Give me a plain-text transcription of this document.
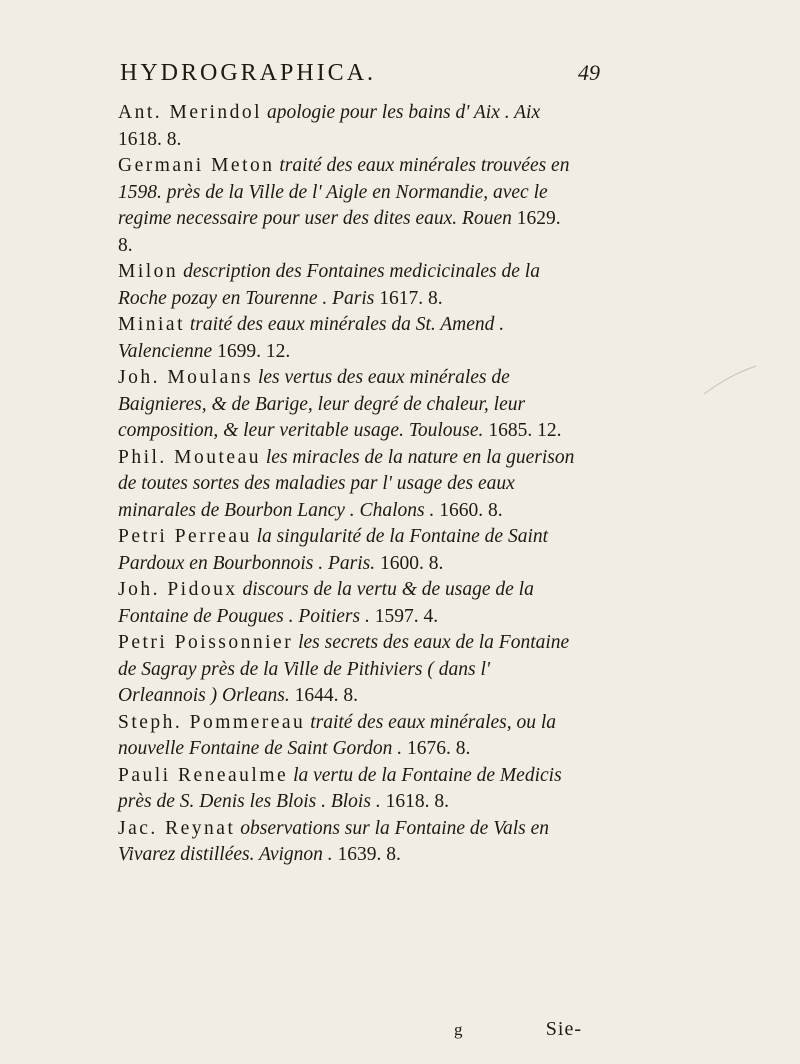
HYDROGRAPHICA.	49

Ant. Merindol apologie pour les bains d' Aix . Aix 1618. 8.

Germani Meton traité des eaux minérales trouvées en 1598. près de la Ville de l' Aigle en Normandie, avec le regime necessaire pour user des dites eaux. Rouen 1629. 8.

Milon description des Fontaines medicicinales de la Roche pozay en Tourenne . Paris 1617. 8.

Miniat traité des eaux minérales da St. Amend . Valencienne 1699. 12.

Joh. Moulans les vertus des eaux minérales de Baignieres, & de Barige, leur degré de chaleur, leur composition, & leur veritable usage. Toulouse. 1685. 12.

Phil. Mouteau les miracles de la nature en la guerison de toutes sortes des maladies par l' usage des eaux minarales de Bourbon Lancy . Chalons . 1660. 8.

Petri Perreau la singularité de la Fontaine de Saint Pardoux en Bourbonnois . Paris. 1600. 8.

Joh. Pidoux discours de la vertu & de usage de la Fontaine de Pougues . Poitiers . 1597. 4.

Petri Poissonnier les secrets des eaux de la Fontaine de Sagray près de la Ville de Pithiviers ( dans l' Orleannois ) Orleans. 1644. 8.

Steph. Pommereau traité des eaux minérales, ou la nouvelle Fontaine de Saint Gordon . 1676. 8.

Pauli Reneaulme la vertu de la Fontaine de Medicis près de S. Denis les Blois . Blois . 1618. 8.

Jac. Reynat observations sur la Fontaine de Vals en Vivarez distillées. Avignon . 1639. 8.

g	Sie-
